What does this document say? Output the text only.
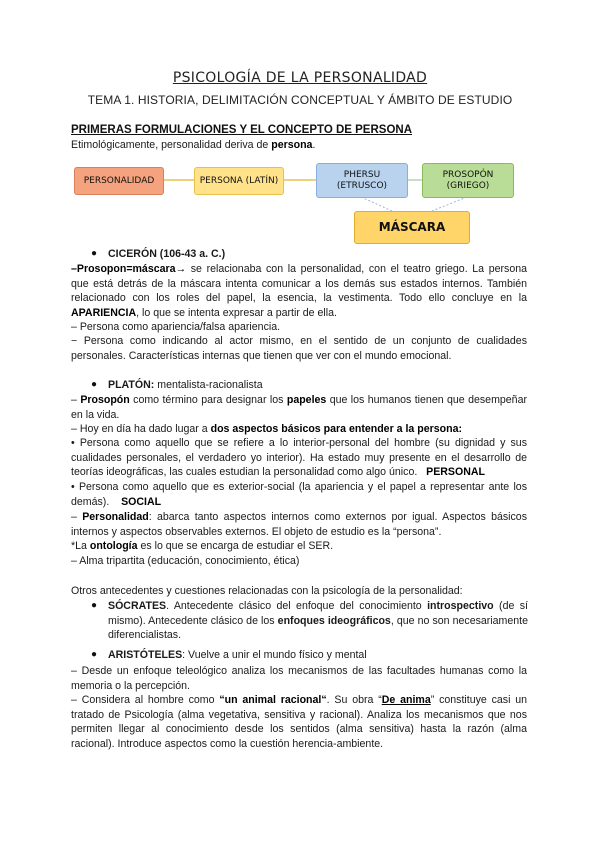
PSICOLOGÍA DE LA PERSONALIDAD
TEMA 1. HISTORIA, DELIMITACIÓN CONCEPTUAL Y ÁMBITO DE ESTUDIO
PRIMERAS FORMULACIONES Y EL CONCEPTO DE PERSONA
Etimológicamente, personalidad deriva de persona.
PERSONALIDAD	PERSONA (LATÍN)
PHERSU
(ETRUSCO)
PROSOPÓN
(GRIEGO)
MÁSCARA
● CICERÓN (106-43 a. C.)
–Prosopon=máscara→ se relacionaba con la personalidad, con el teatro griego. La persona que está detrás de la máscara intenta comunicar a los demás sus estados internos. También relacionado con los roles del papel, la esencia, la vestimenta. Todo ello concluye en la APARIENCIA, lo que se intenta expresar a partir de ella.
– Persona como apariencia/falsa apariencia.
− Persona como indicando al actor mismo, en el sentido de un conjunto de cualidades personales. Características internas que tienen que ver con el mundo emocional.
● PLATÓN: mentalista-racionalista
– Prosopón como término para designar los papeles que los humanos tienen que desempeñar en la vida.
– Hoy en día ha dado lugar a dos aspectos básicos para entender a la persona:
• Persona como aquello que se refiere a lo interior-personal del hombre (su dignidad y sus cualidades personales, el verdadero yo interior). Ha estado muy presente en el desarrollo de teorías ideográficas, las cuales estudian la personalidad como algo único. PERSONAL
• Persona como aquello que es exterior-social (la apariencia y el papel a representar ante los demás). SOCIAL
– Personalidad: abarca tanto aspectos internos como externos por igual. Aspectos básicos internos y aspectos observables externos. El objeto de estudio es la “persona”.
*La ontología es lo que se encarga de estudiar el SER.
– Alma tripartita (educación, conocimiento, ética)
Otros antecedentes y cuestiones relacionadas con la psicología de la personalidad:
● SÓCRATES. Antecedente clásico del enfoque del conocimiento introspectivo (de sí mismo). Antecedente clásico de los enfoques ideográficos, que no son necesariamente diferencialistas.
● ARISTÓTELES: Vuelve a unir el mundo físico y mental
– Desde un enfoque teleológico analiza los mecanismos de las facultades humanas como la memoria o la percepción.
– Considera al hombre como “un animal racional“. Su obra “De anima” constituye casi un tratado de Psicología (alma vegetativa, sensitiva y racional). Analiza los mecanismos que nos permiten llegar al conocimiento desde los sentidos (alma sensitiva) hasta la razón (alma racional). Introduce aspectos como la cuestión herencia-ambiente.
